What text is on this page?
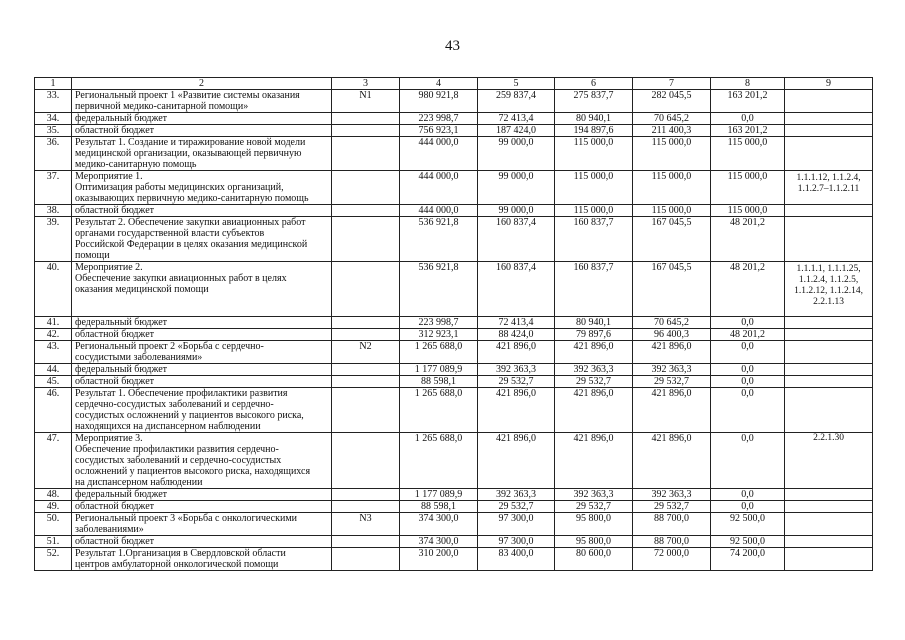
43
1	2	3	4	5	6	7	8	9
33.	Региональный проект 1 «Развитие системы оказания
первичной медико-санитарной помощи»	N1	980 921,8	259 837,4	275 837,7	282 045,5	163 201,2	
34.	федеральный бюджет		223 998,7	72 413,4	80 940,1	70 645,2	0,0	
35.	областной бюджет		756 923,1	187 424,0	194 897,6	211 400,3	163 201,2	
36.	Результат 1. Создание и тиражирование новой модели
медицинской организации, оказывающей первичную
медико-санитарную помощь		444 000,0	99 000,0	115 000,0	115 000,0	115 000,0	
37.	Мероприятие 1.
Оптимизация работы медицинских организаций,
оказывающих первичную медико-санитарную помощь		444 000,0	99 000,0	115 000,0	115 000,0	115 000,0	1.1.1.12, 1.1.2.4,
1.1.2.7–1.1.2.11
38.	областной бюджет		444 000,0	99 000,0	115 000,0	115 000,0	115 000,0	
39.	Результат 2. Обеспечение закупки авиационных работ
органами государственной власти субъектов
Российской Федерации в целях оказания медицинской
помощи		536 921,8	160 837,4	160 837,7	167 045,5	48 201,2	
40.	Мероприятие 2.
Обеспечение закупки авиационных работ в целях
оказания медицинской помощи		536 921,8	160 837,4	160 837,7	167 045,5	48 201,2	1.1.1.1, 1.1.1.25,
1.1.2.4, 1.1.2.5,
1.1.2.12, 1.1.2.14,
2.2.1.13
41.	федеральный бюджет		223 998,7	72 413,4	80 940,1	70 645,2	0,0	
42.	областной бюджет		312 923,1	88 424,0	79 897,6	96 400,3	48 201,2	
43.	Региональный проект 2 «Борьба с сердечно-
сосудистыми заболеваниями»	N2	1 265 688,0	421 896,0	421 896,0	421 896,0	0,0	
44.	федеральный бюджет		1 177 089,9	392 363,3	392 363,3	392 363,3	0,0	
45.	областной бюджет		88 598,1	29 532,7	29 532,7	29 532,7	0,0	
46.	Результат 1. Обеспечение профилактики развития
сердечно-сосудистых заболеваний и сердечно-
сосудистых осложнений у пациентов высокого риска,
находящихся на диспансерном наблюдении		1 265 688,0	421 896,0	421 896,0	421 896,0	0,0	
47.	Мероприятие 3.
Обеспечение профилактики развития сердечно-
сосудистых заболеваний и сердечно-сосудистых
осложнений у пациентов высокого риска, находящихся
на диспансерном наблюдении		1 265 688,0	421 896,0	421 896,0	421 896,0	0,0	2.2.1.30
48.	федеральный бюджет		1 177 089,9	392 363,3	392 363,3	392 363,3	0,0	
49.	областной бюджет		88 598,1	29 532,7	29 532,7	29 532,7	0,0	
50.	Региональный проект 3 «Борьба с онкологическими
заболеваниями»	N3	374 300,0	97 300,0	95 800,0	88 700,0	92 500,0	
51.	областной бюджет		374 300,0	97 300,0	95 800,0	88 700,0	92 500,0	
52.	Результат 1.Организация в Свердловской области
центров амбулаторной онкологической помощи		310 200,0	83 400,0	80 600,0	72 000,0	74 200,0	
